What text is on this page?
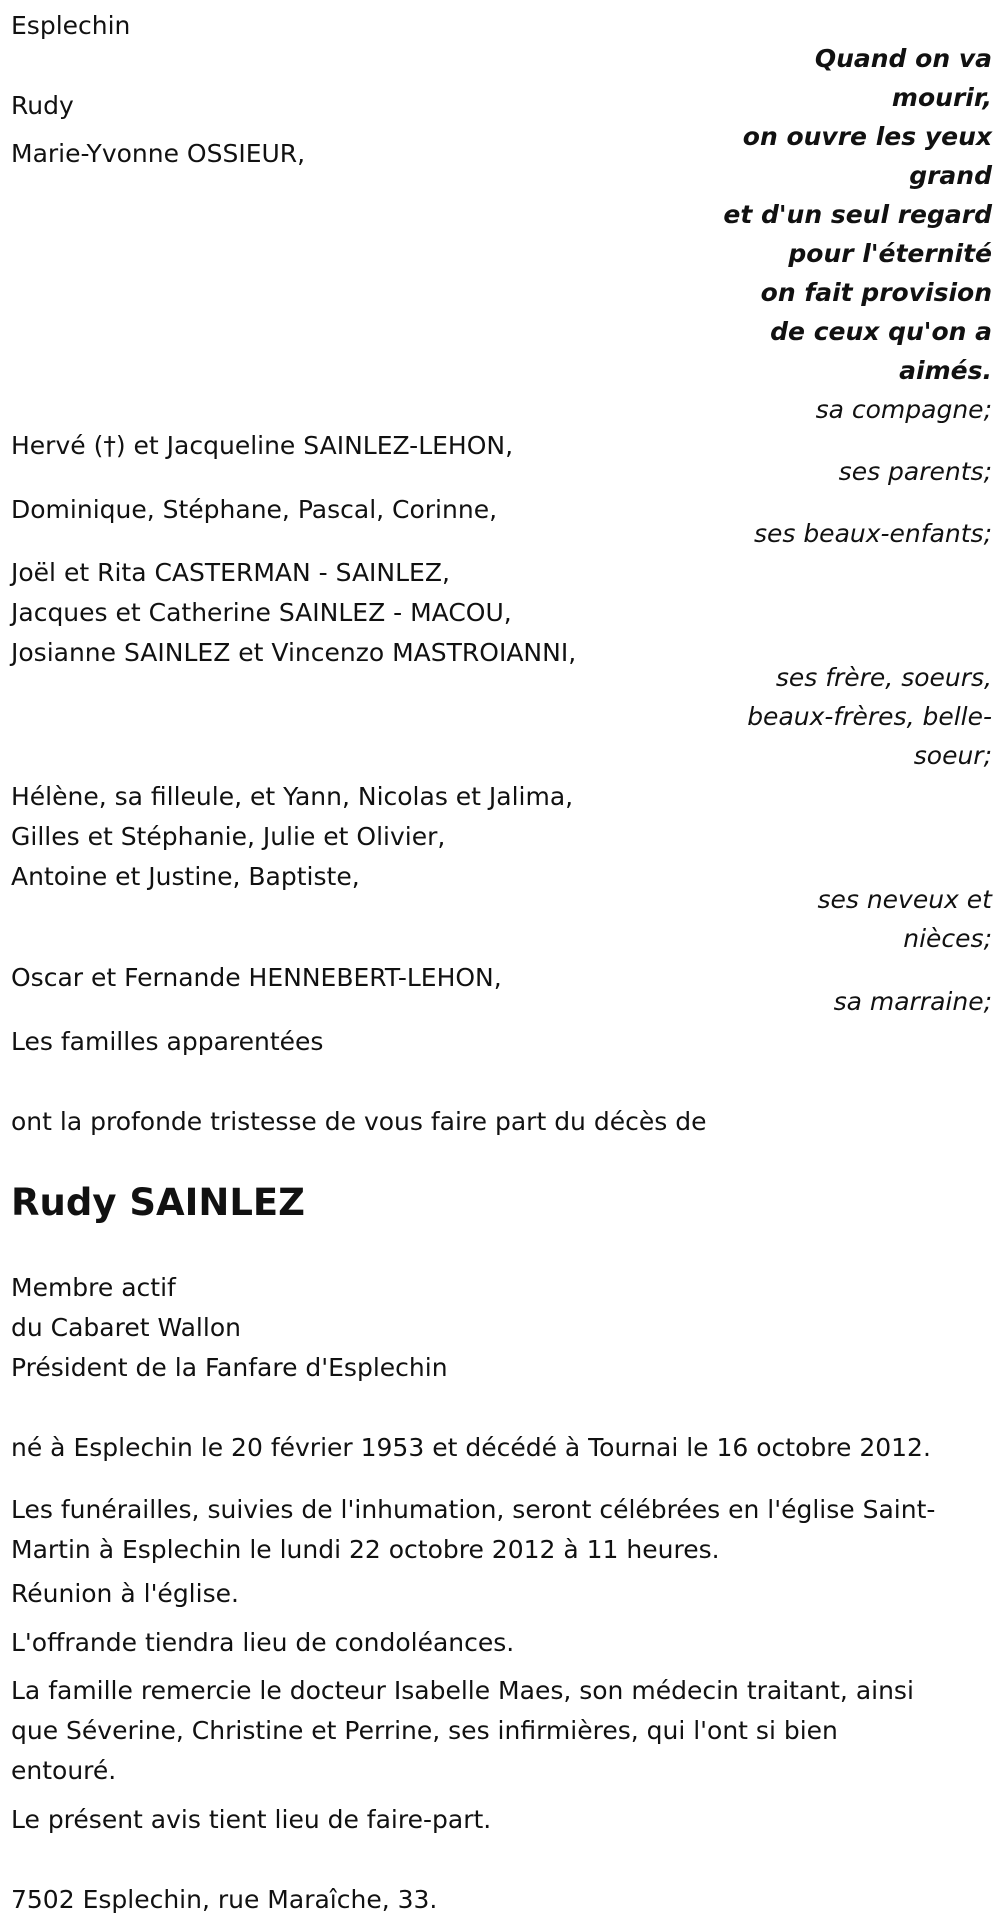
Esplechin
Rudy
Marie-Yvonne OSSIEUR,
Quand on va
mourir,
on ouvre les yeux
grand
et d'un seul regard
pour l'éternité
on fait provision
de ceux qu'on a
aimés.
sa compagne;
ses parents;
ses beaux-enfants;
ses frère, soeurs,
beaux-frères, belle-
soeur;
ses neveux et
nièces;
sa marraine;
Hervé (†) et Jacqueline SAINLEZ-LEHON,
Dominique, Stéphane, Pascal, Corinne,
Joël et Rita CASTERMAN - SAINLEZ,
Jacques et Catherine SAINLEZ - MACOU,
Josianne SAINLEZ et Vincenzo MASTROIANNI,
Hélène, sa filleule, et Yann, Nicolas et Jalima,
Gilles et Stéphanie, Julie et Olivier,
Antoine et Justine, Baptiste,
Oscar et Fernande HENNEBERT-LEHON,
Les familles apparentées
ont la profonde tristesse de vous faire part du décès de
Rudy SAINLEZ
Membre actif
du Cabaret Wallon
Président de la Fanfare d'Esplechin
né à Esplechin le 20 février 1953 et décédé à Tournai le 16 octobre 2012.
Les funérailles, suivies de l'inhumation, seront célébrées en l'église Saint-
Martin à Esplechin le lundi 22 octobre 2012 à 11 heures.
Réunion à l'église.
L'offrande tiendra lieu de condoléances.
La famille remercie le docteur Isabelle Maes, son médecin traitant, ainsi
que Séverine, Christine et Perrine, ses infirmières, qui l'ont si bien
entouré.
Le présent avis tient lieu de faire-part.
7502 Esplechin, rue Maraîche, 33.
